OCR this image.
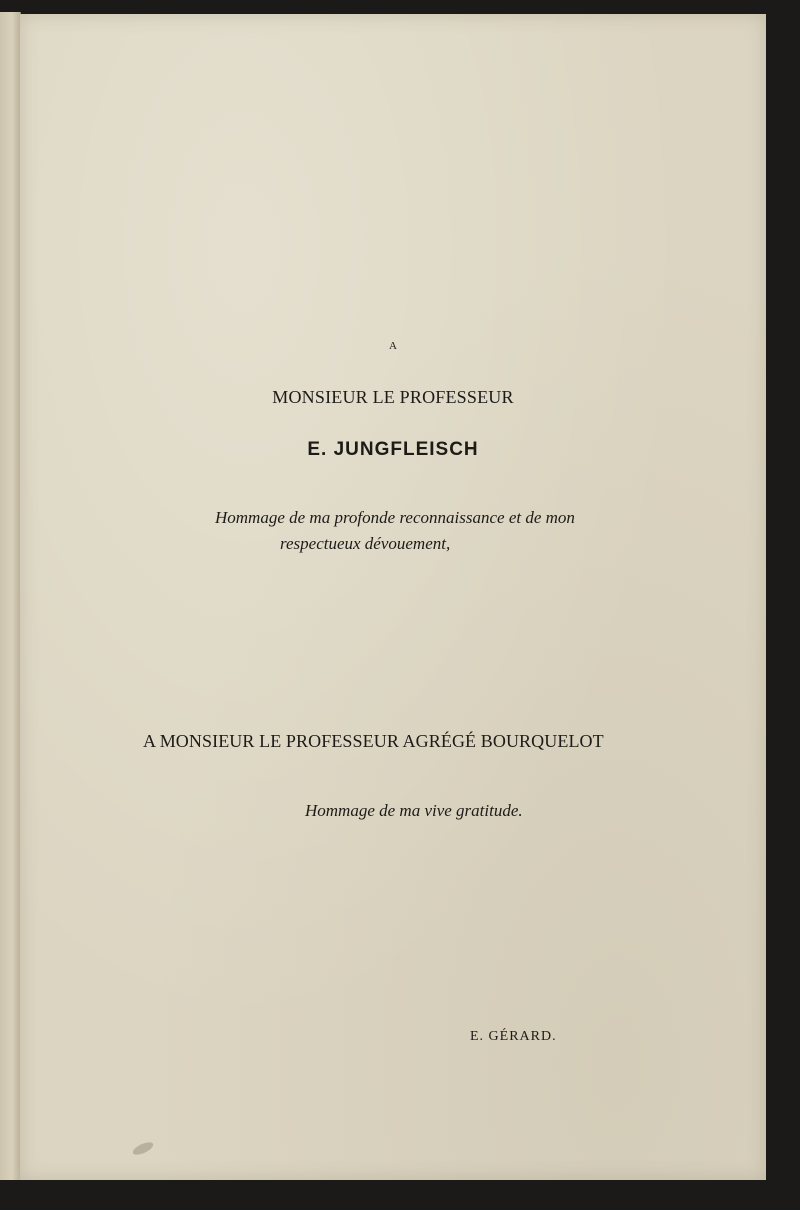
A

MONSIEUR LE PROFESSEUR

E. JUNGFLEISCH

Hommage de ma profonde reconnaissance et de mon

respectueux dévouement,

A MONSIEUR LE PROFESSEUR AGRÉGÉ BOURQUELOT

Hommage de ma vive gratitude.

E. GÉRARD.
